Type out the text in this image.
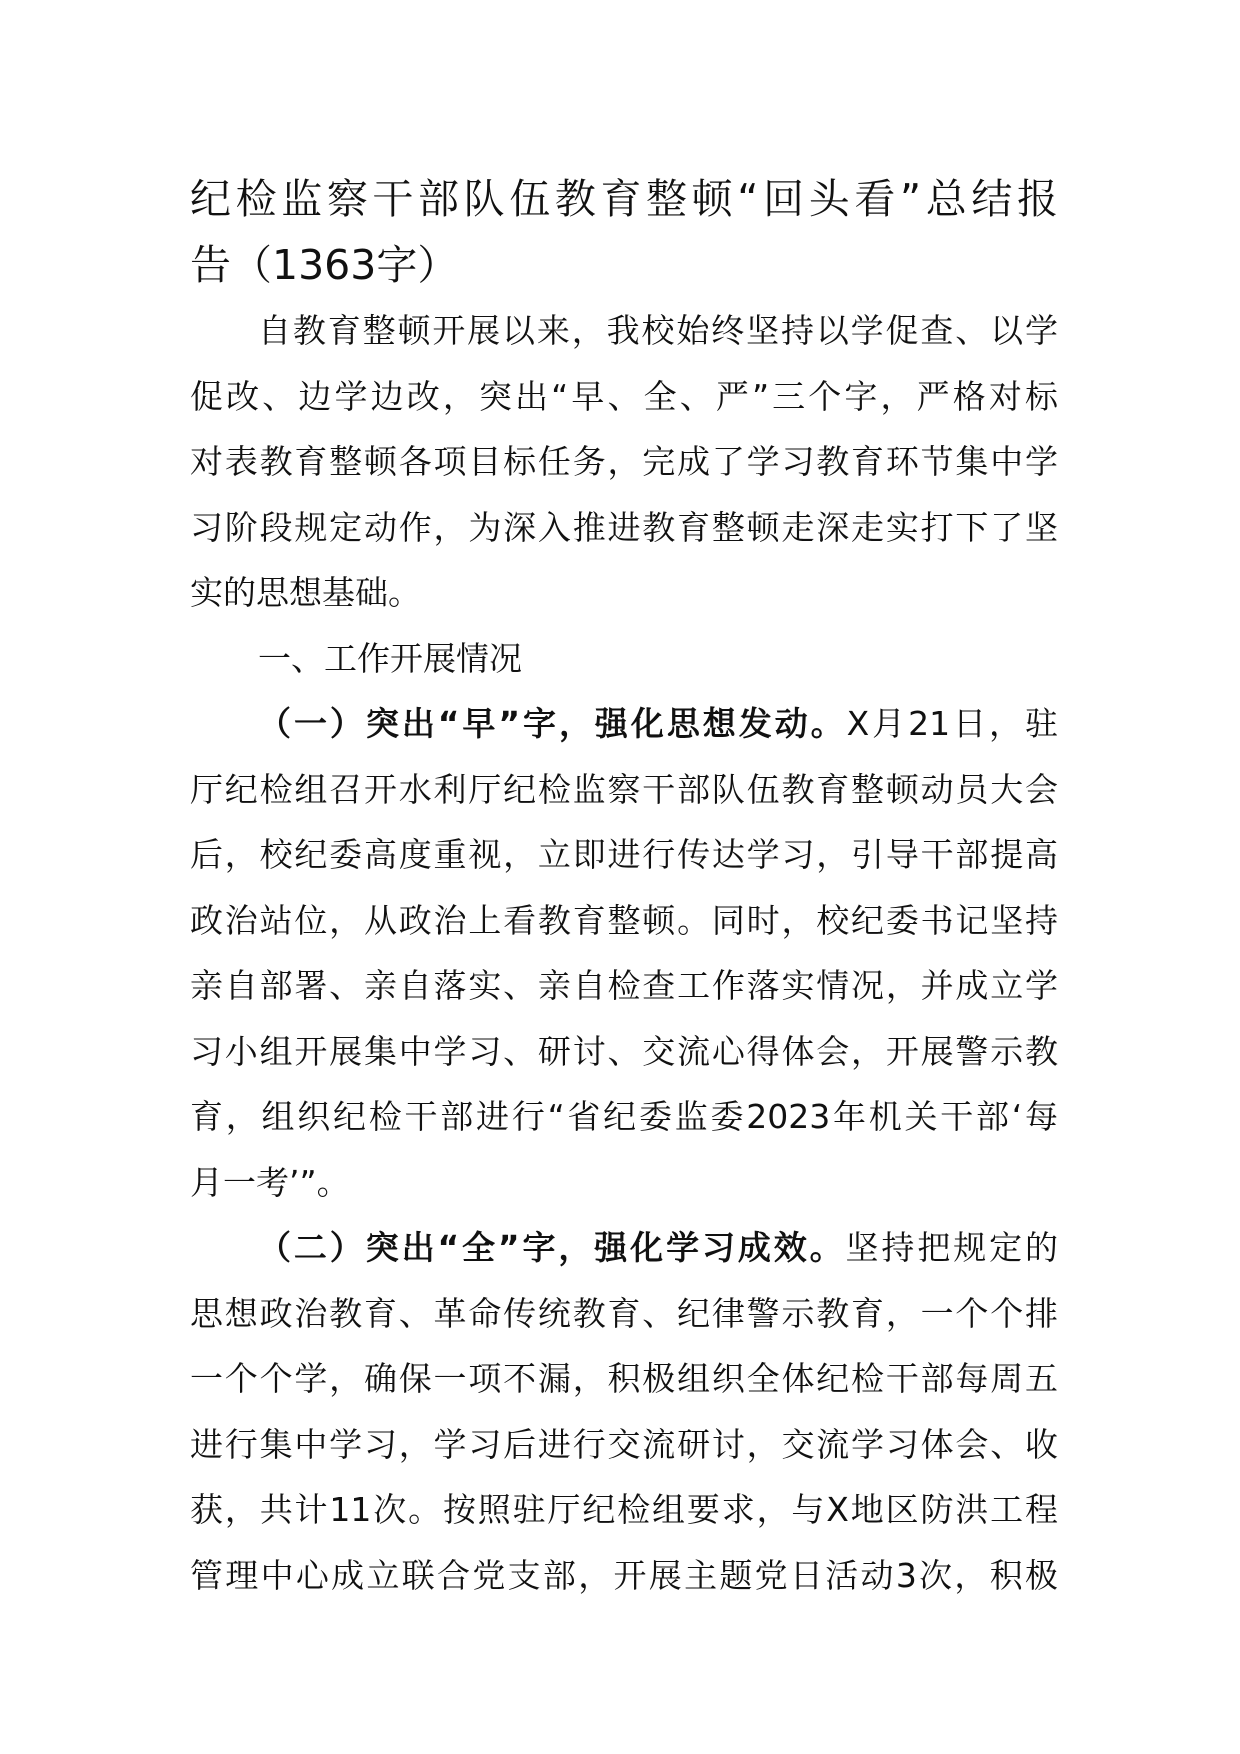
纪检监察干部队伍教育整顿“回头看”总结报
告（1363字）
自教育整顿开展以来，我校始终坚持以学促查、以学
促改、边学边改，突出“早、全、严”三个字，严格对标
对表教育整顿各项目标任务，完成了学习教育环节集中学
习阶段规定动作，为深入推进教育整顿走深走实打下了坚
实的思想基础。
一、工作开展情况
（一）突出“早”字，强化思想发动。X月21日，驻
厅纪检组召开水利厅纪检监察干部队伍教育整顿动员大会
后，校纪委高度重视，立即进行传达学习，引导干部提高
政治站位，从政治上看教育整顿。同时，校纪委书记坚持
亲自部署、亲自落实、亲自检查工作落实情况，并成立学
习小组开展集中学习、研讨、交流心得体会，开展警示教
育，组织纪检干部进行“省纪委监委2023年机关干部‘每
月一考’”。
（二）突出“全”字，强化学习成效。坚持把规定的
思想政治教育、革命传统教育、纪律警示教育，一个个排
一个个学，确保一项不漏，积极组织全体纪检干部每周五
进行集中学习，学习后进行交流研讨，交流学习体会、收
获，共计11次。按照驻厅纪检组要求，与X地区防洪工程
管理中心成立联合党支部，开展主题党日活动3次，积极
